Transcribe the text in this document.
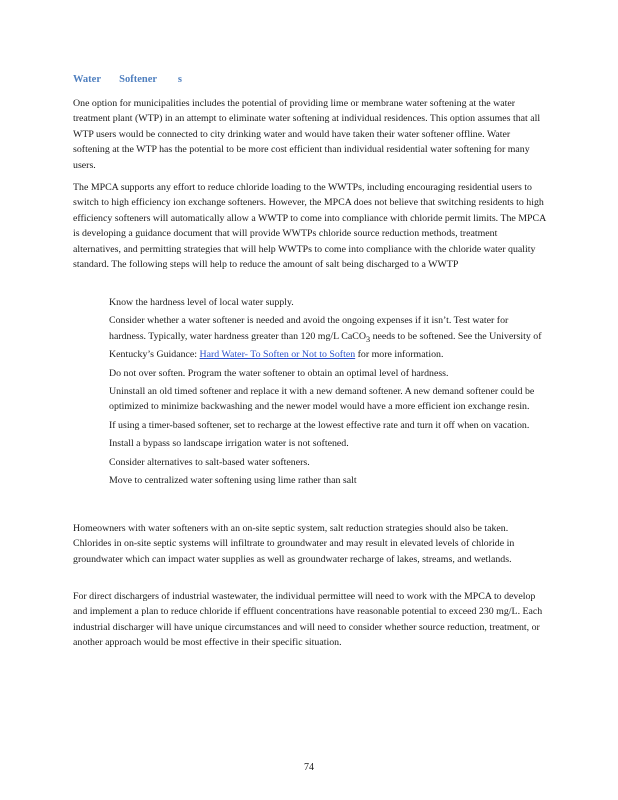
Water       Softener        s

One option for municipalities includes the potential of providing lime or membrane water softening at the water treatment plant (WTP) in an attempt to eliminate water softening at individual residences. This option assumes that all WTP users would be connected to city drinking water and would have taken their water softener offline. Water softening at the WTP has the potential to be more cost efficient than individual residential water softening for many users.

The MPCA supports any effort to reduce chloride loading to the WWTPs, including encouraging residential users to switch to high efficiency ion exchange softeners. However, the MPCA does not believe that switching residents to high efficiency softeners will automatically allow a WWTP to come into compliance with chloride permit limits. The MPCA is developing a guidance document that will provide WWTPs chloride source reduction methods, treatment alternatives, and permitting strategies that will help WWTPs to come into compliance with the chloride water quality standard. The following steps will help to reduce the amount of salt being discharged to a WWTP

Know the hardness level of local water supply.
Consider whether a water softener is needed and avoid the ongoing expenses if it isn’t. Test water for hardness. Typically, water hardness greater than 120 mg/L CaCO$_3$ needs to be softened. See the University of Kentucky’s Guidance: Hard Water- To Soften or Not to Soften for more information.
Do not over soften. Program the water softener to obtain an optimal level of hardness.
Uninstall an old timed softener and replace it with a new demand softener. A new demand softener could be optimized to minimize backwashing and the newer model would have a more efficient ion exchange resin.
If using a timer-based softener, set to recharge at the lowest effective rate and turn it off when on vacation.
Install a bypass so landscape irrigation water is not softened.
Consider alternatives to salt-based water softeners.
Move to centralized water softening using lime rather than salt

Homeowners with water softeners with an on-site septic system, salt reduction strategies should also be taken. Chlorides in on-site septic systems will infiltrate to groundwater and may result in elevated levels of chloride in groundwater which can impact water supplies as well as groundwater recharge of lakes, streams, and wetlands.

For direct dischargers of industrial wastewater, the individual permittee will need to work with the MPCA to develop and implement a plan to reduce chloride if effluent concentrations have reasonable potential to exceed 230 mg/L. Each industrial discharger will have unique circumstances and will need to consider whether source reduction, treatment, or another approach would be most effective in their specific situation.

74
